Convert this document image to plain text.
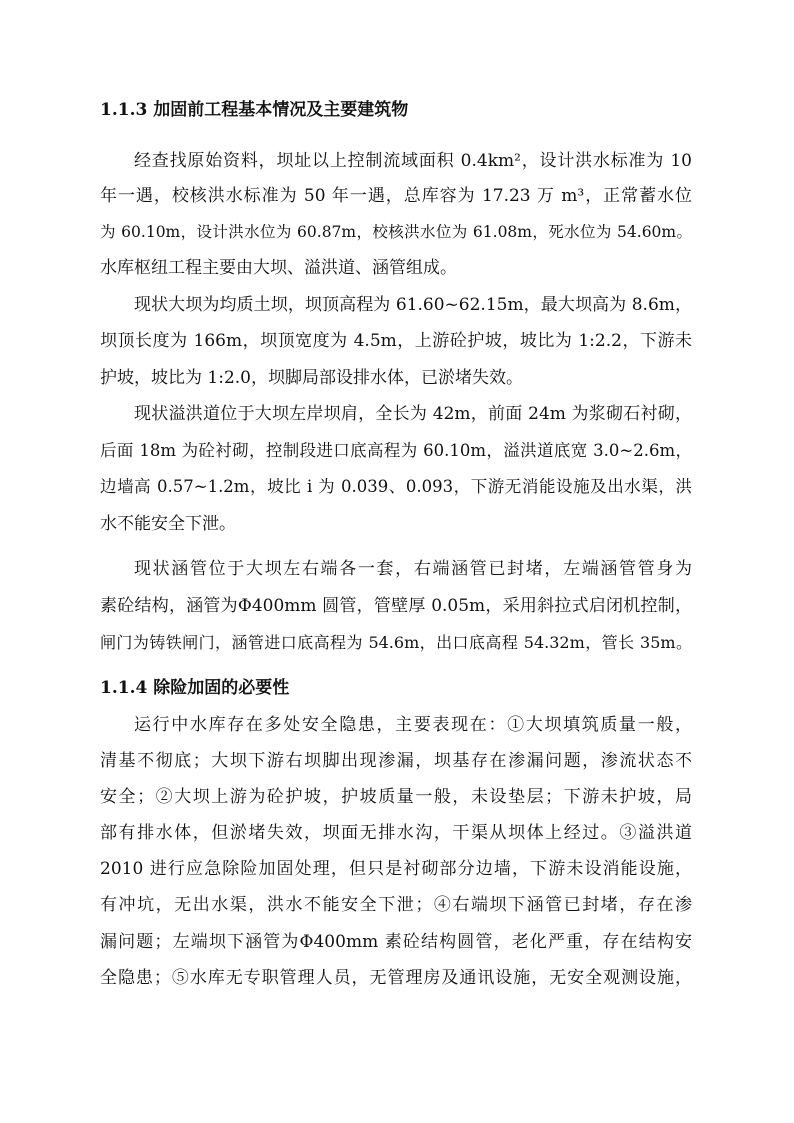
1.1.3 加固前工程基本情况及主要建筑物
经查找原始资料，坝址以上控制流域面积 0.4km²，设计洪水标准为 10
年一遇，校核洪水标准为 50 年一遇，总库容为 17.23 万 m³，正常蓄水位
为 60.10m，设计洪水位为 60.87m，校核洪水位为 61.08m，死水位为 54.60m。
水库枢纽工程主要由大坝、溢洪道、涵管组成。
现状大坝为均质土坝，坝顶高程为 61.60~62.15m，最大坝高为 8.6m，
坝顶长度为 166m，坝顶宽度为 4.5m，上游砼护坡，坡比为 1:2.2，下游未
护坡，坡比为 1:2.0，坝脚局部设排水体，已淤堵失效。
现状溢洪道位于大坝左岸坝肩，全长为 42m，前面 24m 为浆砌石衬砌，
后面 18m 为砼衬砌，控制段进口底高程为 60.10m，溢洪道底宽 3.0~2.6m，
边墙高 0.57~1.2m，坡比 i 为 0.039、0.093，下游无消能设施及出水渠，洪
水不能安全下泄。
现状涵管位于大坝左右端各一套，右端涵管已封堵，左端涵管管身为
素砼结构，涵管为Φ400mm 圆管，管壁厚 0.05m，采用斜拉式启闭机控制，
闸门为铸铁闸门，涵管进口底高程为 54.6m，出口底高程 54.32m，管长 35m。
1.1.4 除险加固的必要性
运行中水库存在多处安全隐患，主要表现在：①大坝填筑质量一般，
清基不彻底；大坝下游右坝脚出现渗漏，坝基存在渗漏问题，渗流状态不
安全；②大坝上游为砼护坡，护坡质量一般，未设垫层；下游未护坡，局
部有排水体，但淤堵失效，坝面无排水沟，干渠从坝体上经过。③溢洪道
2010 进行应急除险加固处理，但只是衬砌部分边墙，下游未设消能设施，
有冲坑，无出水渠，洪水不能安全下泄；④右端坝下涵管已封堵，存在渗
漏问题；左端坝下涵管为Φ400mm 素砼结构圆管，老化严重，存在结构安
全隐患；⑤水库无专职管理人员，无管理房及通讯设施，无安全观测设施，
